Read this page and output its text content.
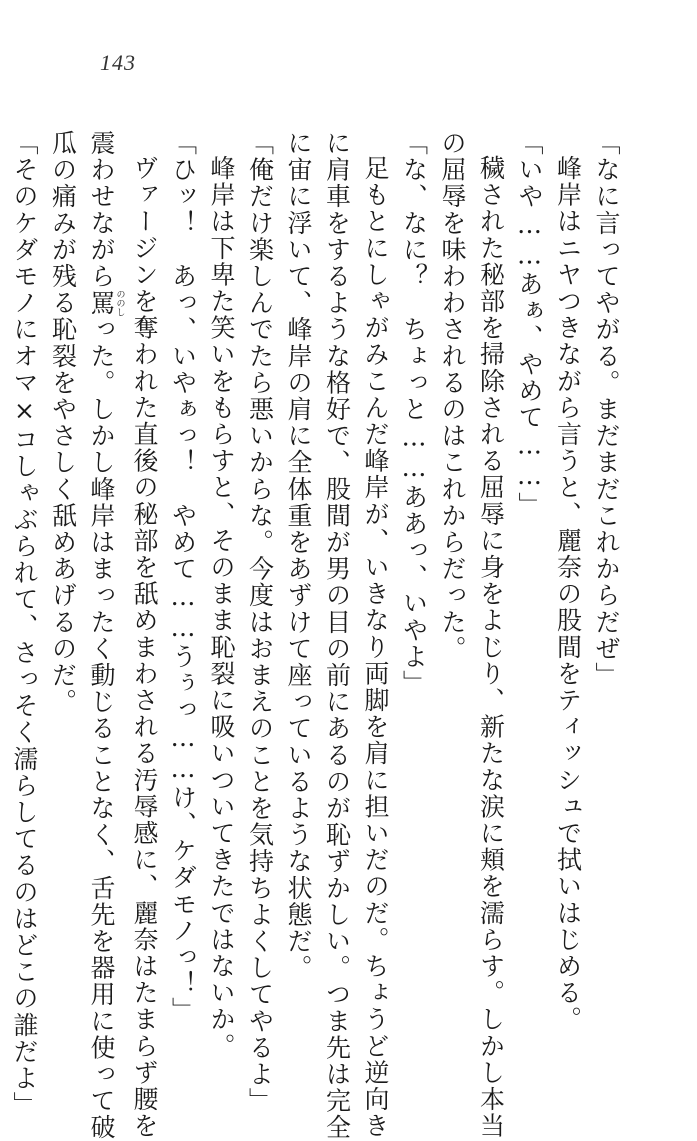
143

「なに言ってやがる。まだまだこれからだぜ」

峰岸はニヤつきながら言うと、麗奈の股間をティッシュで拭いはじめる。

「いや……あぁ、やめて……」

穢された秘部を掃除される屈辱に身をよじり、新たな涙に頬を濡らす。しかし本当

の屈辱を味わわされるのはこれからだった。

「な、なに？　ちょっと……ああっ、いやよ」

足もとにしゃがみこんだ峰岸が、いきなり両脚を肩に担いだのだ。ちょうど逆向き

に肩車をするような格好で、股間が男の目の前にあるのが恥ずかしい。つま先は完全

に宙に浮いて、峰岸の肩に全体重をあずけて座っているような状態だ。

「俺だけ楽しんでたら悪いからな。今度はおまえのことを気持ちよくしてやるよ」

峰岸は下卑た笑いをもらすと、そのまま恥裂に吸いついてきたではないか。

「ひッ！　あっ、いやぁっ！　やめて……うぅっ……け、ケダモノっ！」

ヴァージンを奪われた直後の秘部を舐めまわされる汚辱感に、麗奈はたまらず腰を

震わせながら罵ののしった。しかし峰岸はまったく動じることなく、舌先を器用に使って破

瓜の痛みが残る恥裂をやさしく舐めあげるのだ。

「そのケダモノにオマ×コしゃぶられて、さっそく濡らしてるのはどこの誰だよ」
